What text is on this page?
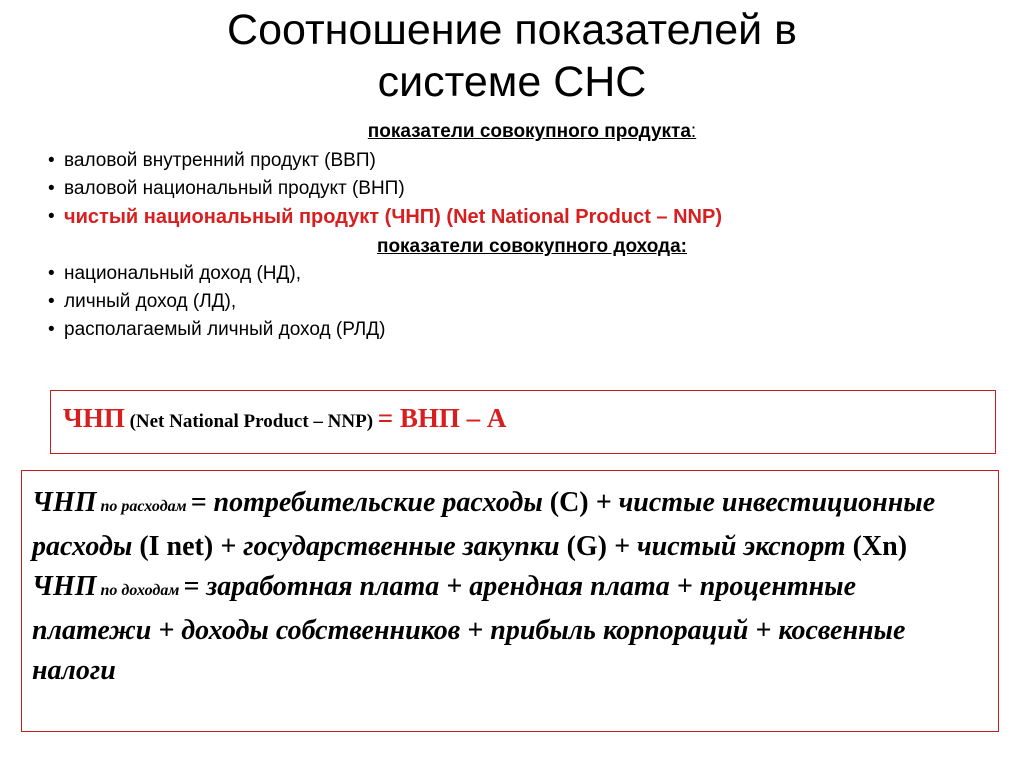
Соотношение показателей в
системе СНС
показатели совокупного продукта:
• валовой внутренний продукт (ВВП)
• валовой национальный продукт (ВНП)
• чистый национальный продукт (ЧНП) (Net National Product – NNP)
показатели совокупного дохода:
• национальный доход (НД),
• личный доход (ЛД),
• располагаемый личный доход (РЛД)
ЧНП (Net National Product – NNP) = ВНП – А

ЧНП по расходам = потребительские расходы (С) + чистые инвестиционные расходы (I net) + государственные закупки (G) + чистый экспорт (Xn)
ЧНП по доходам = заработная плата + арендная плата + процентные платежи + доходы собственников + прибыль корпораций + косвенные налоги
